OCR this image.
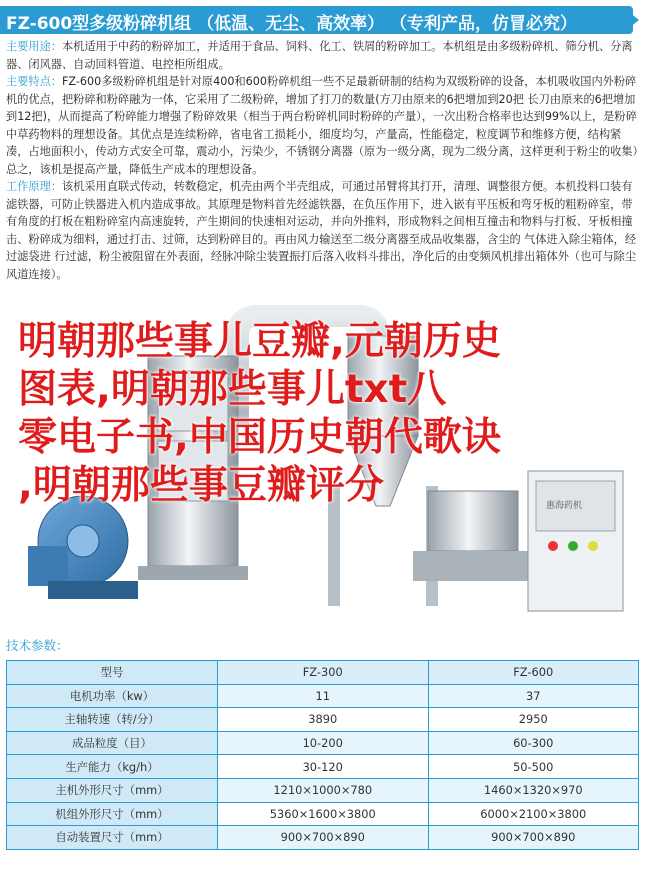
FZ-600型多级粉碎机组 （低温、无尘、高效率） （专利产品，仿冒必究）

主要用途：本机适用于中药的粉碎加工，并适用于食品、饲料、化工、铁屑的粉碎加工。本机组是由多级粉碎机、筛分机、分离器、闭风器、自动回料管道、电控柜所组成。

主要特点：FZ-600多级粉碎机组是针对原400和600粉碎机组一些不足最新研制的结构为双级粉碎的设备，本机吸收国内外粉碎机的优点，把粉碎和粉碎融为一体，它采用了二级粉碎，增加了打刀的数量(方刀由原来的6把增加到20把 长刀由原来的6把增加到12把)，从而提高了粉碎能力增强了粉碎效果（相当于两台粉碎机同时粉碎的产量），一次出粉合格率也达到99%以上，是粉碎中草药物料的理想设备。其优点是连续粉碎，省电省工损耗小，细度均匀，产量高，性能稳定，粒度调节和维修方便，结构紧凑，占地面积小，传动方式安全可靠，震动小，污染少，不锈钢分离器（原为一级分离，现为二级分离，这样更利于粉尘的收集）总之，该机是提高产量，降低生产成本的理想设备。

工作原理：该机采用直联式传动，转数稳定，机壳由两个半壳组成，可通过吊臂将其打开，清理、调整很方便。本机投料口装有滤铁器，可防止铁器进入机内造成事故。其原理是物料首先经滤铁器，在负压作用下，进入嵌有平压板和弯牙板的粗粉碎室，带有角度的打板在粗粉碎室内高速旋转，产生期间的快速相对运动，并向外推料，形成物料之间相互撞击和物料与打板、牙板相撞击、粉碎成为细料，通过打击、过筛，达到粉碎目的。再由风力输送至二级分离器至成品收集器，含尘的 气体进入除尘箱体，经过滤袋进 行过滤，粉尘被阻留在外表面，经脉冲除尘装置振打后落入收料斗排出，净化后的由变频风机排出箱体外（也可与除尘风道连接）。

惠海药机
明朝那些事儿豆瓣,元朝历史
图表,明朝那些事儿txt八
零电子书,中国历史朝代歌诀
,明朝那些事豆瓣评分
技术参数：
型号	FZ-300	FZ-600
电机功率（kw）	11	37
主轴转速（转/分）	3890	2950
成品粒度（目）	10-200	60-300
生产能力（kg/h）	30-120	50-500
主机外形尺寸（mm）	1210×1000×780	1460×1320×970
机组外形尺寸（mm）	5360×1600×3800	6000×2100×3800
自动装置尺寸（mm）	900×700×890	900×700×890
